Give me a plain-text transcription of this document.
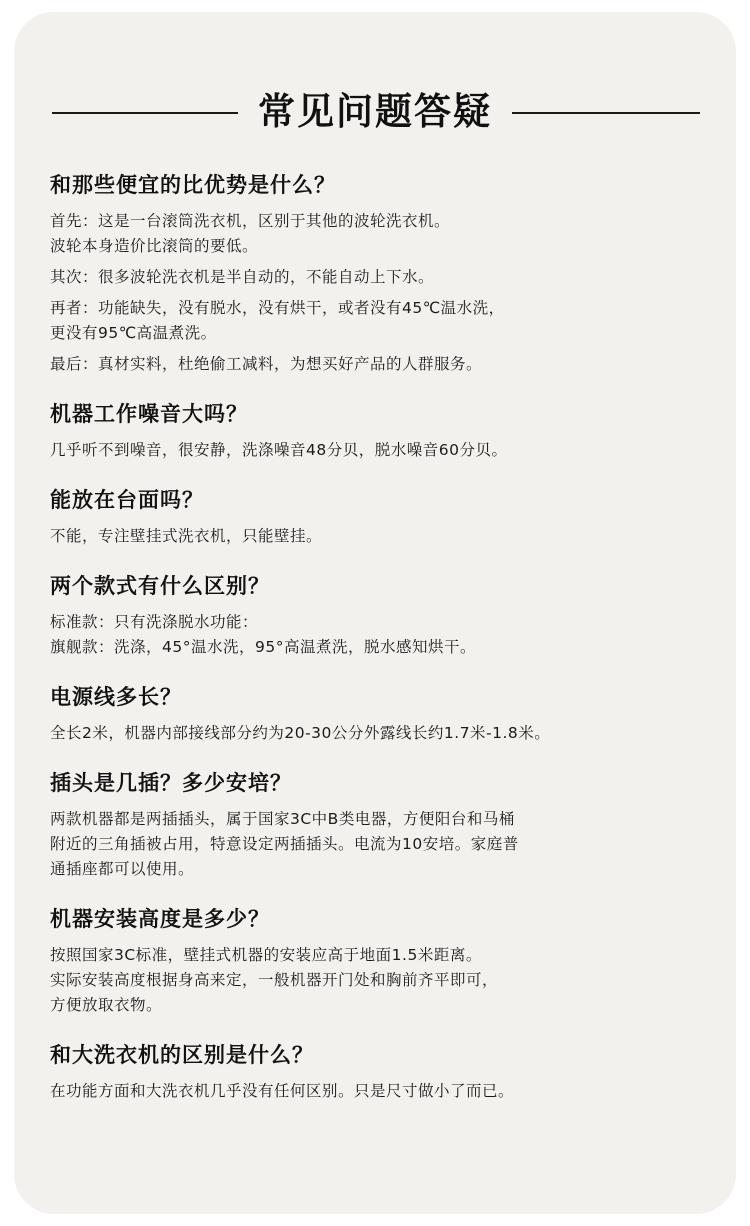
常见问题答疑
和那些便宜的比优势是什么？
首先：这是一台滚筒洗衣机，区别于其他的波轮洗衣机。
波轮本身造价比滚筒的要低。
其次：很多波轮洗衣机是半自动的，不能自动上下水。
再者：功能缺失，没有脱水，没有烘干，或者没有45℃温水洗，
更没有95℃高温煮洗。
最后：真材实料，杜绝偷工减料，为想买好产品的人群服务。
机器工作噪音大吗？
几乎听不到噪音，很安静，洗涤噪音48分贝，脱水噪音60分贝。
能放在台面吗？
不能，专注壁挂式洗衣机，只能壁挂。
两个款式有什么区别？
标准款：只有洗涤脱水功能：
旗舰款：洗涤，45°温水洗，95°高温煮洗，脱水感知烘干。
电源线多长？
全长2米，机器内部接线部分约为20-30公分外露线长约1.7米-1.8米。
插头是几插？多少安培？
两款机器都是两插插头，属于国家3C中B类电器，方便阳台和马桶
附近的三角插被占用，特意设定两插插头。电流为10安培。家庭普
通插座都可以使用。
机器安装高度是多少？
按照国家3C标准，壁挂式机器的安装应高于地面1.5米距离。
实际安装高度根据身高来定，一般机器开门处和胸前齐平即可，
方便放取衣物。
和大洗衣机的区别是什么？
在功能方面和大洗衣机几乎没有任何区别。只是尺寸做小了而已。
